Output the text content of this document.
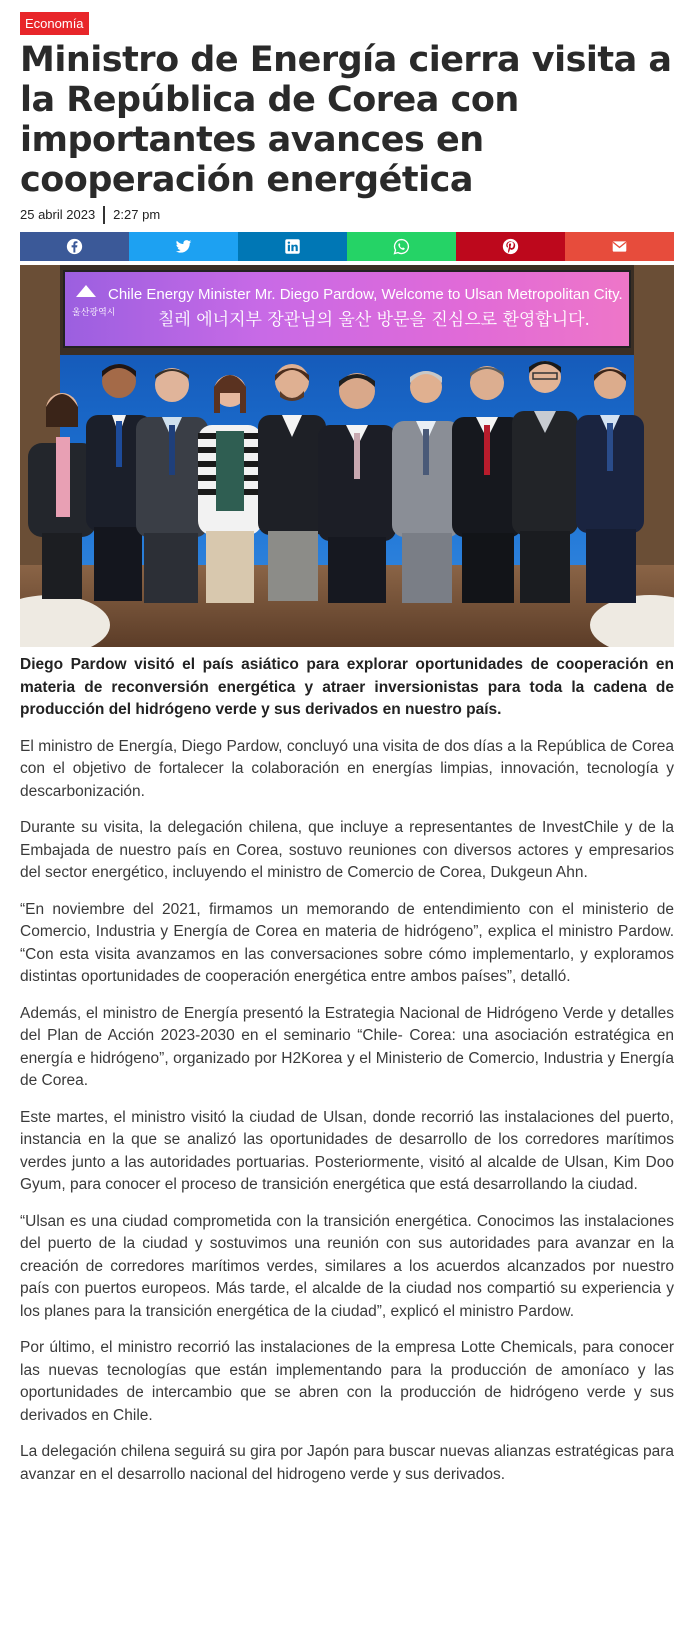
Economía
Ministro de Energía cierra visita a la República de Corea con importantes avances en cooperación energética
25 abril 2023 2:27 pm
울산광역시
Chile Energy Minister Mr. Diego Pardow, Welcome to Ulsan Metropolitan City.
칠레 에너지부 장관님의 울산 방문을 진심으로 환영합니다.

Diego Pardow visitó el país asiático para explorar oportunidades de cooperación en materia de reconversión energética y atraer inversionistas para toda la cadena de producción del hidrógeno verde y sus derivados en nuestro país.

El ministro de Energía, Diego Pardow, concluyó una visita de dos días a la República de Corea con el objetivo de fortalecer la colaboración en energías limpias, innovación, tecnología y descarbonización.

Durante su visita, la delegación chilena, que incluye a representantes de InvestChile y de la Embajada de nuestro país en Corea, sostuvo reuniones con diversos actores y empresarios del sector energético, incluyendo el ministro de Comercio de Corea, Dukgeun Ahn.

“En noviembre del 2021, firmamos un memorando de entendimiento con el ministerio de Comercio, Industria y Energía de Corea en materia de hidrógeno”, explica el ministro Pardow. “Con esta visita avanzamos en las conversaciones sobre cómo implementarlo, y exploramos distintas oportunidades de cooperación energética entre ambos países”, detalló.

Además, el ministro de Energía presentó la Estrategia Nacional de Hidrógeno Verde y detalles del Plan de Acción 2023-2030 en el seminario “Chile- Corea: una asociación estratégica en energía e hidrógeno”, organizado por H2Korea y el Ministerio de Comercio, Industria y Energía de Corea.

Este martes, el ministro visitó la ciudad de Ulsan, donde recorrió las instalaciones del puerto, instancia en la que se analizó las oportunidades de desarrollo de los corredores marítimos verdes junto a las autoridades portuarias. Posteriormente, visitó al alcalde de Ulsan, Kim Doo Gyum, para conocer el proceso de transición energética que está desarrollando la ciudad.

“Ulsan es una ciudad comprometida con la transición energética. Conocimos las instalaciones del puerto de la ciudad y sostuvimos una reunión con sus autoridades para avanzar en la creación de corredores marítimos verdes, similares a los acuerdos alcanzados por nuestro país con puertos europeos. Más tarde, el alcalde de la ciudad nos compartió su experiencia y los planes para la transición energética de la ciudad”, explicó el ministro Pardow.

Por último, el ministro recorrió las instalaciones de la empresa Lotte Chemicals, para conocer las nuevas tecnologías que están implementando para la producción de amoníaco y las oportunidades de intercambio que se abren con la producción de hidrógeno verde y sus derivados en Chile.

La delegación chilena seguirá su gira por Japón para buscar nuevas alianzas estratégicas para avanzar en el desarrollo nacional del hidrogeno verde y sus derivados.
